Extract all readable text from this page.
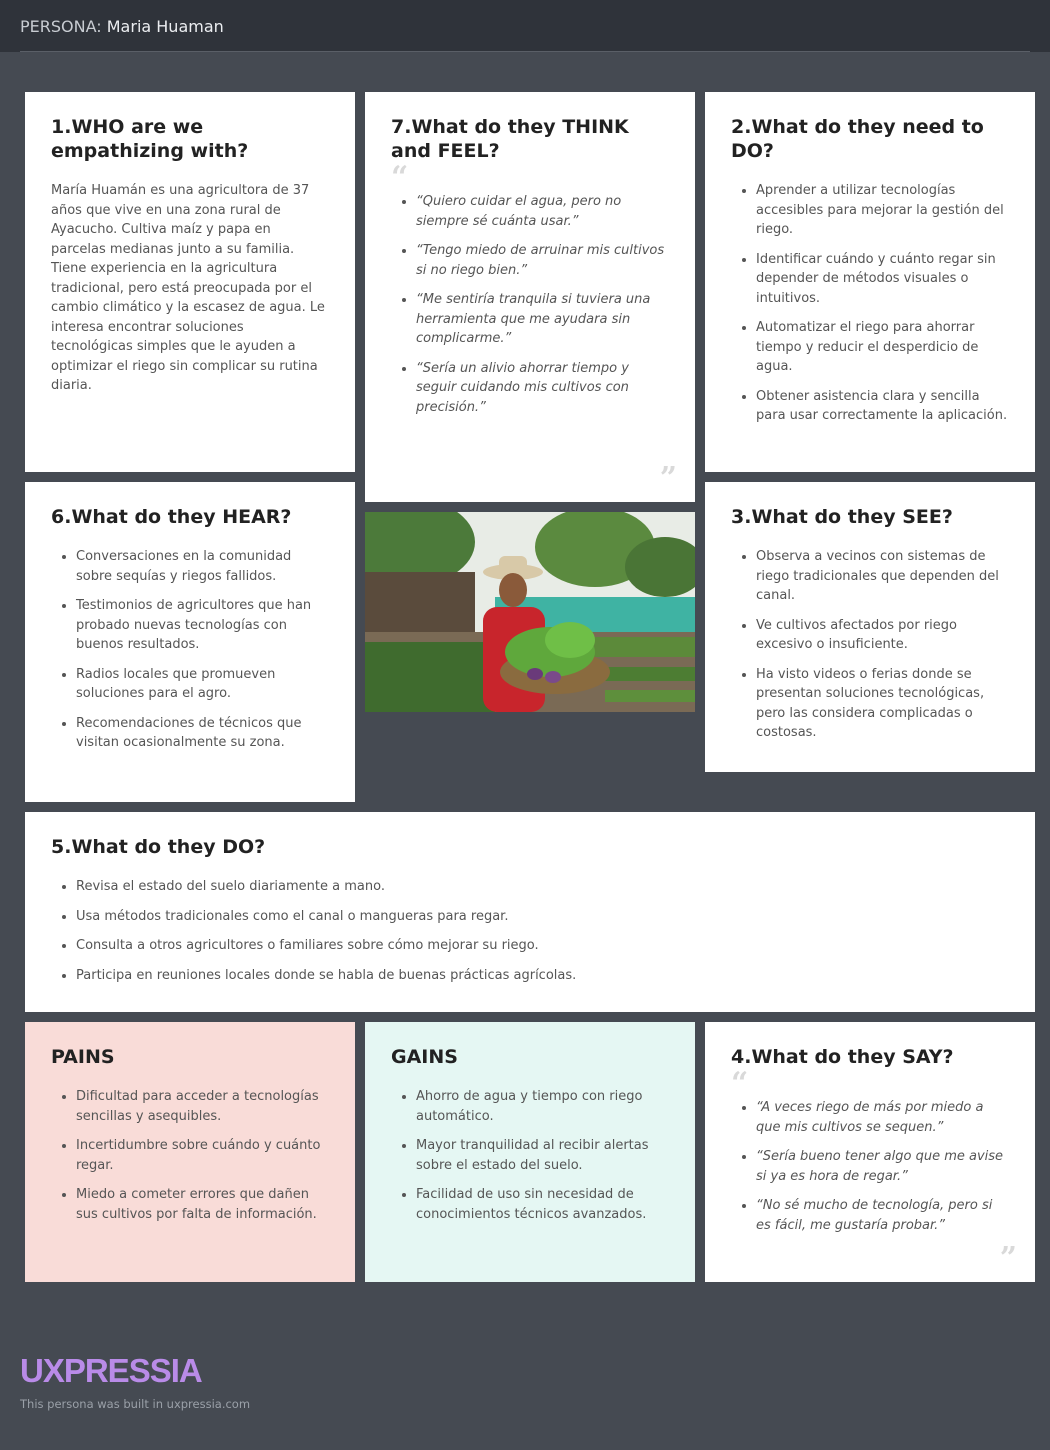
PERSONA: Maria Huaman
1.WHO are we empathizing with?

María Huamán es una agricultora de 37 años que vive en una zona rural de Ayacucho. Cultiva maíz y papa en parcelas medianas junto a su familia. Tiene experiencia en la agricultura tradicional, pero está preocupada por el cambio climático y la escasez de agua. Le interesa encontrar soluciones tecnológicas simples que le ayuden a optimizar el riego sin complicar su rutina diaria.

7.What do they THINK and FEEL?
“
• “Quiero cuidar el agua, pero no siempre sé cuánta usar.”
• “Tengo miedo de arruinar mis cultivos si no riego bien.”
• “Me sentiría tranquila si tuviera una herramienta que me ayudara sin complicarme.”
• “Sería un alivio ahorrar tiempo y seguir cuidando mis cultivos con precisión.”
”
2.What do they need to DO?
• Aprender a utilizar tecnologías accesibles para mejorar la gestión del riego.
• Identificar cuándo y cuánto regar sin depender de métodos visuales o intuitivos.
• Automatizar el riego para ahorrar tiempo y reducir el desperdicio de agua.
• Obtener asistencia clara y sencilla para usar correctamente la aplicación.
6.What do they HEAR?
• Conversaciones en la comunidad sobre sequías y riegos fallidos.
• Testimonios de agricultores que han probado nuevas tecnologías con buenos resultados.
• Radios locales que promueven soluciones para el agro.
• Recomendaciones de técnicos que visitan ocasionalmente su zona.
3.What do they SEE?
• Observa a vecinos con sistemas de riego tradicionales que dependen del canal.
• Ve cultivos afectados por riego excesivo o insuficiente.
• Ha visto videos o ferias donde se presentan soluciones tecnológicas, pero las considera complicadas o costosas.
5.What do they DO?
• Revisa el estado del suelo diariamente a mano.
• Usa métodos tradicionales como el canal o mangueras para regar.
• Consulta a otros agricultores o familiares sobre cómo mejorar su riego.
• Participa en reuniones locales donde se habla de buenas prácticas agrícolas.
PAINS
• Dificultad para acceder a tecnologías sencillas y asequibles.
• Incertidumbre sobre cuándo y cuánto regar.
• Miedo a cometer errores que dañen sus cultivos por falta de información.
GAINS
• Ahorro de agua y tiempo con riego automático.
• Mayor tranquilidad al recibir alertas sobre el estado del suelo.
• Facilidad de uso sin necesidad de conocimientos técnicos avanzados.
4.What do they SAY?
“
• “A veces riego de más por miedo a que mis cultivos se sequen.”
• “Sería bueno tener algo que me avise si ya es hora de regar.”
• “No sé mucho de tecnología, pero si es fácil, me gustaría probar.”
”
UXPRESSIA
This persona was built in uxpressia.com
